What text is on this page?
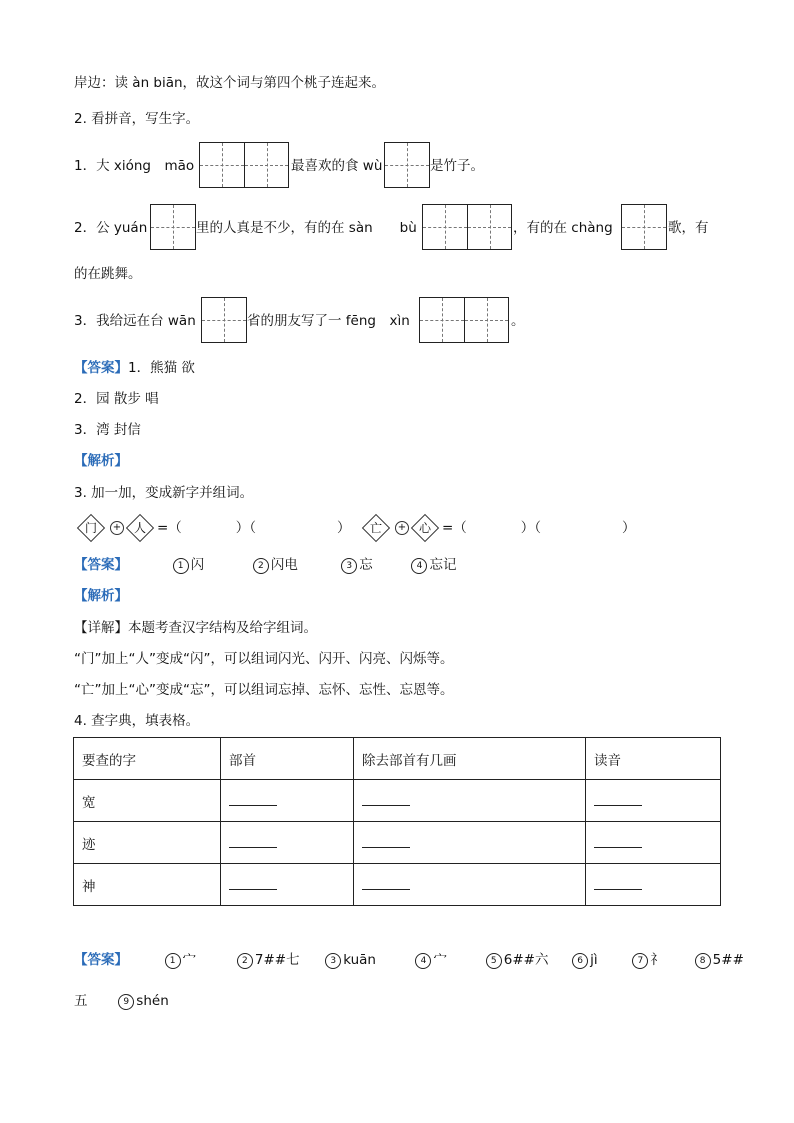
岸边：读 àn biān，故这个词与第四个桃子连起来。
2. 看拼音，写生字。
1．大 xióng　māo	最喜欢的食 wù	是竹子。
2．公 yuán	里的人真是不少，有的在 sàn　　bù	，有的在 chàng	歌，有
的在跳舞。
3．我给远在台 wān	省的朋友写了一 fēng　xìn	。
【答案】1．熊猫 欲
2．园 散步 唱
3．湾 封信
【解析】
3. 加一加，变成新字并组词。
门	+	人 =（　　　　）（　　　　　　）	亡	+	心 =（　　　　）（　　　　　　）
【答案】	1 闪	2 闪电	3 忘	4 忘记
【解析】
【详解】本题考查汉字结构及给字组词。
“门”加上“人”变成“闪”，可以组词闪光、闪开、闪亮、闪烁等。
“亡”加上“心”变成“忘”，可以组词忘掉、忘怀、忘性、忘恩等。
4. 查字典，填表格。
要查的字	部首	除去部首有几画	读音
宽			
迹			
神			
【答案】	1 宀	2 7##七	3 kuān	4 宀	5 6##六	6 jì	7 礻	8 5##
五	9 shén
